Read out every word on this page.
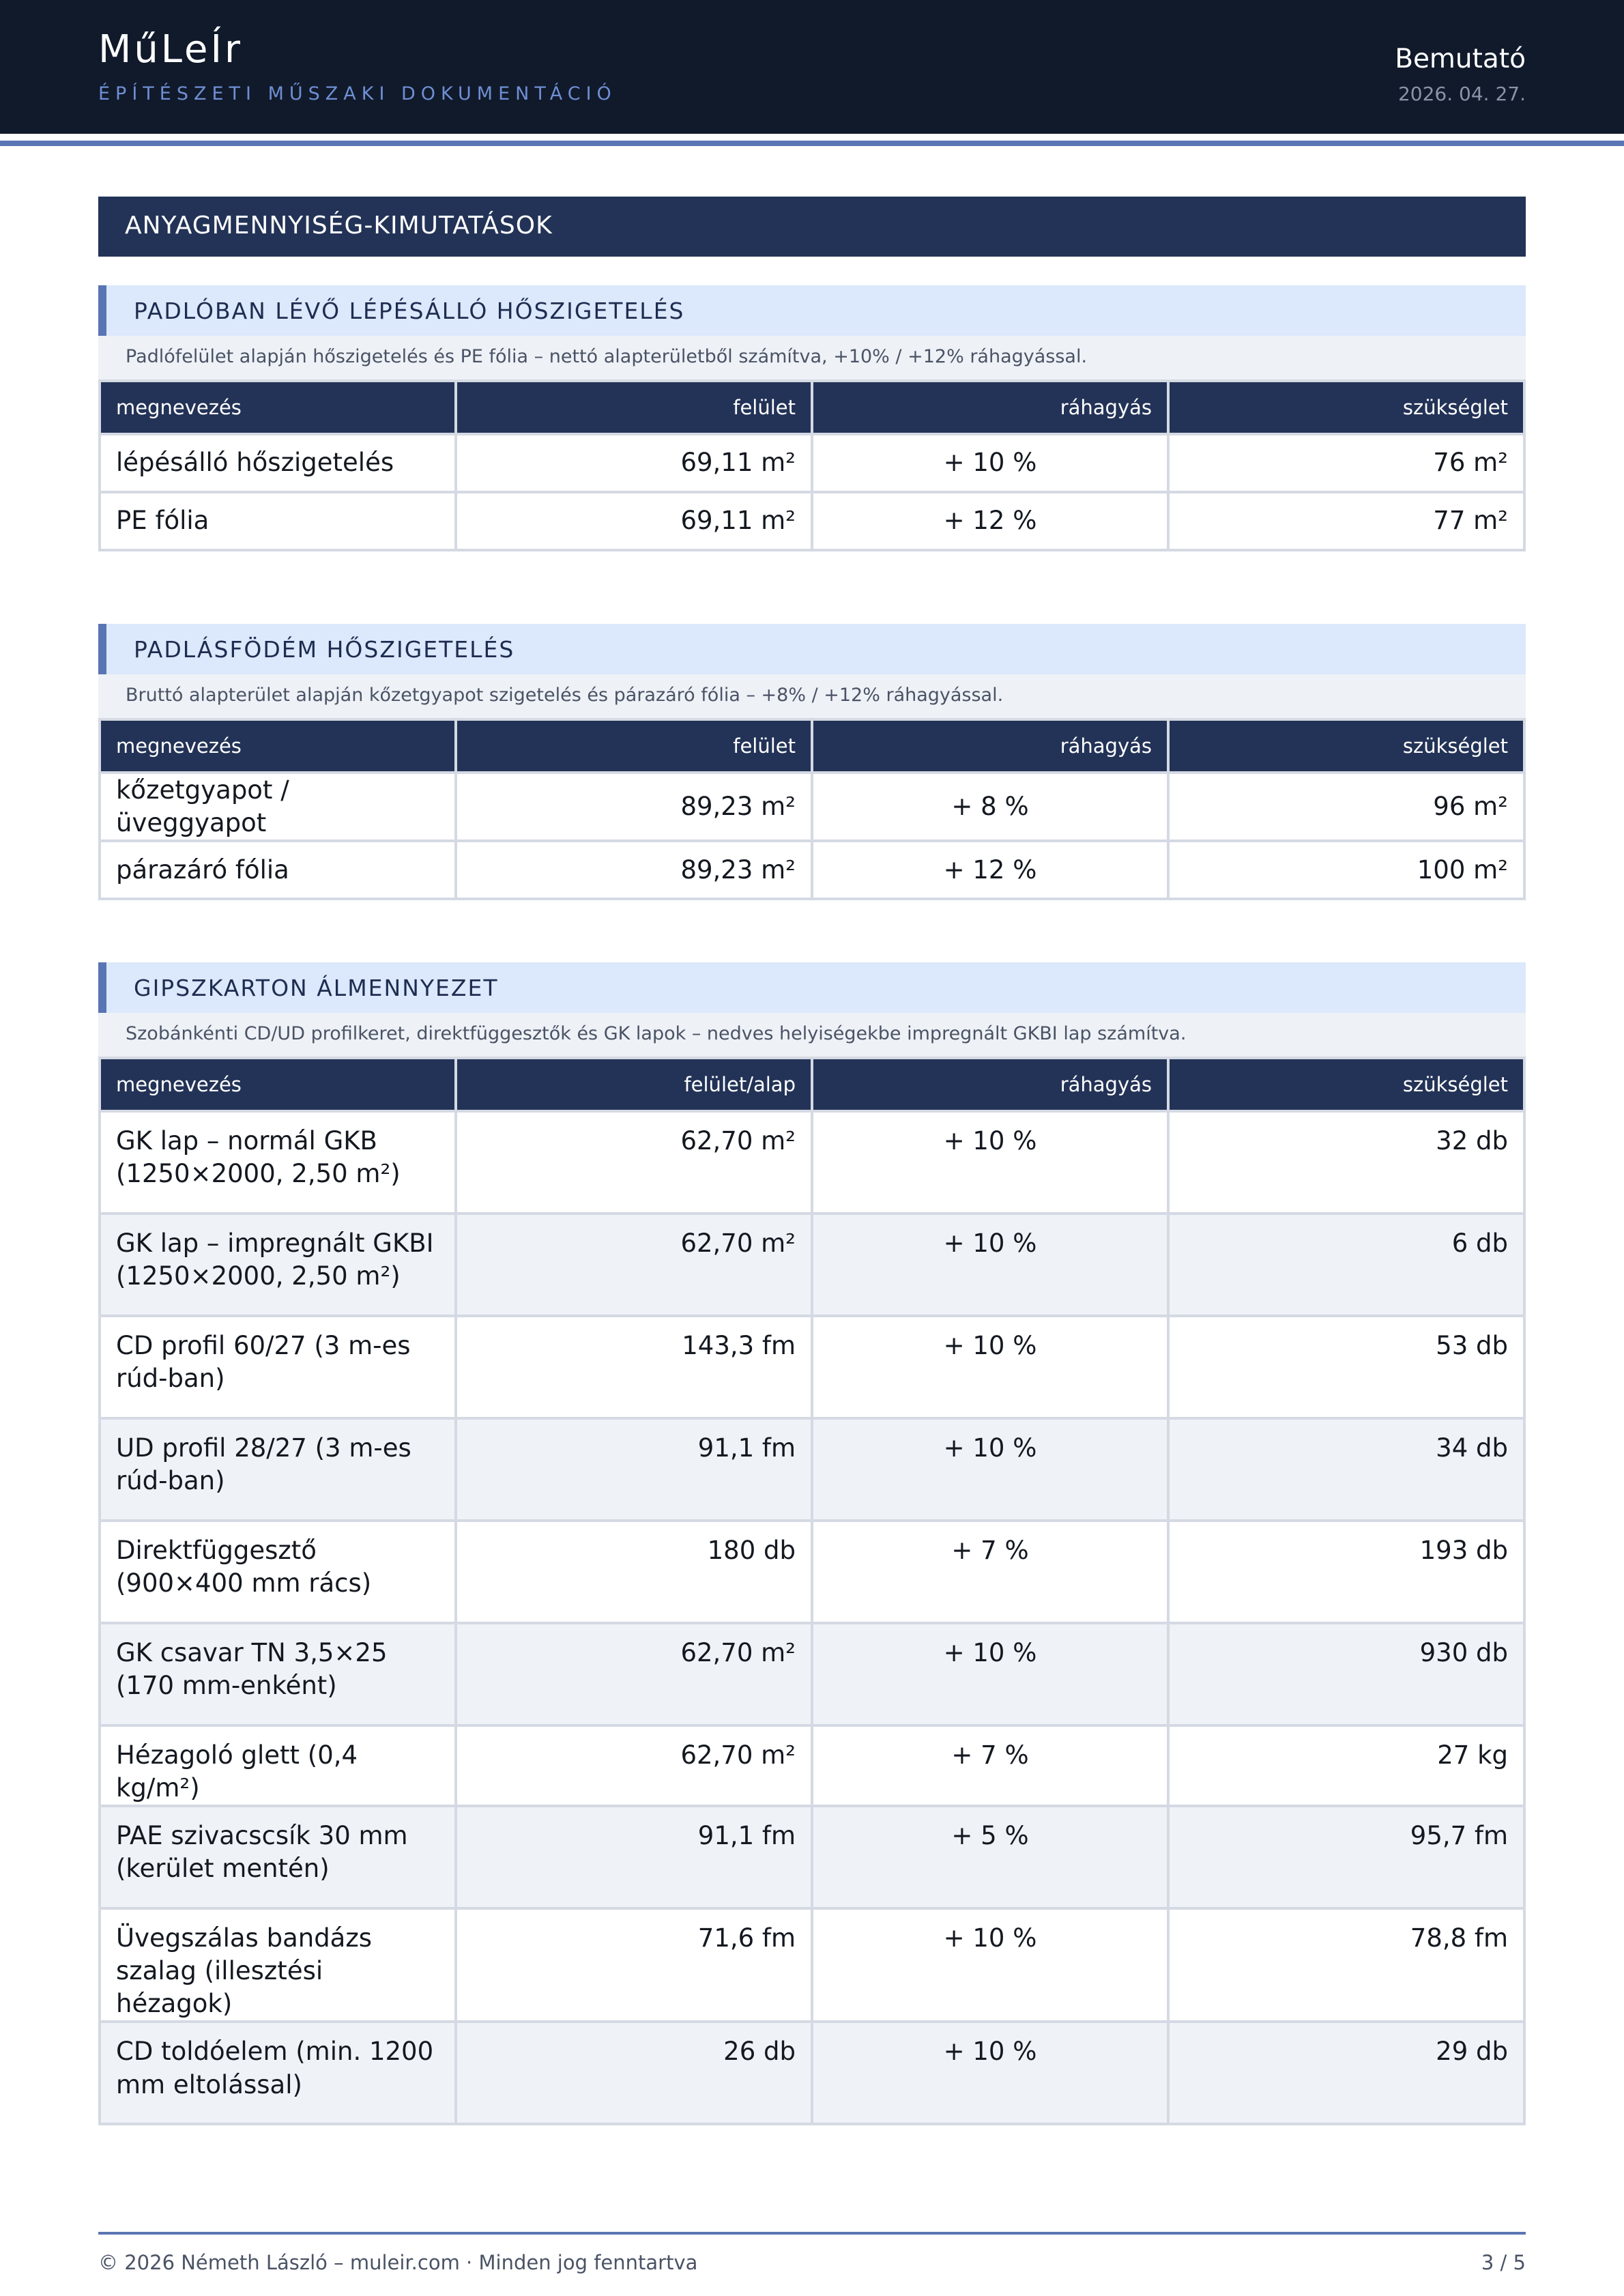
MűLeÍr
ÉPÍTÉSZETI MŰSZAKI DOKUMENTÁCIÓ
Bemutató
2026. 04. 27.
ANYAGMENNYISÉG-KIMUTATÁSOK
PADLÓBAN LÉVŐ LÉPÉSÁLLÓ HŐSZIGETELÉS
Padlófelület alapján hőszigetelés és PE fólia – nettó alapterületből számítva, +10% / +12% ráhagyással.
megnevezés	felület	ráhagyás	szükséglet
lépésálló hőszigetelés	69,11 m²	+ 10 %	76 m²
PE fólia	69,11 m²	+ 12 %	77 m²
PADLÁSFÖDÉM HŐSZIGETELÉS
Bruttó alapterület alapján kőzetgyapot szigetelés és párazáró fólia – +8% / +12% ráhagyással.
megnevezés	felület	ráhagyás	szükséglet
kőzetgyapot / üveggyapot	89,23 m²	+ 8 %	96 m²
párazáró fólia	89,23 m²	+ 12 %	100 m²
GIPSZKARTON ÁLMENNYEZET
Szobánkénti CD/UD profilkeret, direktfüggesztők és GK lapok – nedves helyiségekbe impregnált GKBI lap számítva.
megnevezés	felület/alap	ráhagyás	szükséglet
GK lap – normál GKB (1250×2000, 2,50 m²)	62,70 m²	+ 10 %	32 db
GK lap – impregnált GKBI (1250×2000, 2,50 m²)	62,70 m²	+ 10 %	6 db
CD profil 60/27 (3 m-es rúd-ban)	143,3 fm	+ 10 %	53 db
UD profil 28/27 (3 m-es rúd-ban)	91,1 fm	+ 10 %	34 db
Direktfüggesztő (900×400 mm rács)	180 db	+ 7 %	193 db
GK csavar TN 3,5×25 (170 mm-enként)	62,70 m²	+ 10 %	930 db
Hézagoló glett (0,4 kg/m²)	62,70 m²	+ 7 %	27 kg
PAE szivacscsík 30 mm (kerület mentén)	91,1 fm	+ 5 %	95,7 fm
Üvegszálas bandázs szalag (illesztési hézagok)	71,6 fm	+ 10 %	78,8 fm
CD toldóelem (min. 1200 mm eltolással)	26 db	+ 10 %	29 db
© 2026 Németh László – muleir.com · Minden jog fenntartva	3 / 5
